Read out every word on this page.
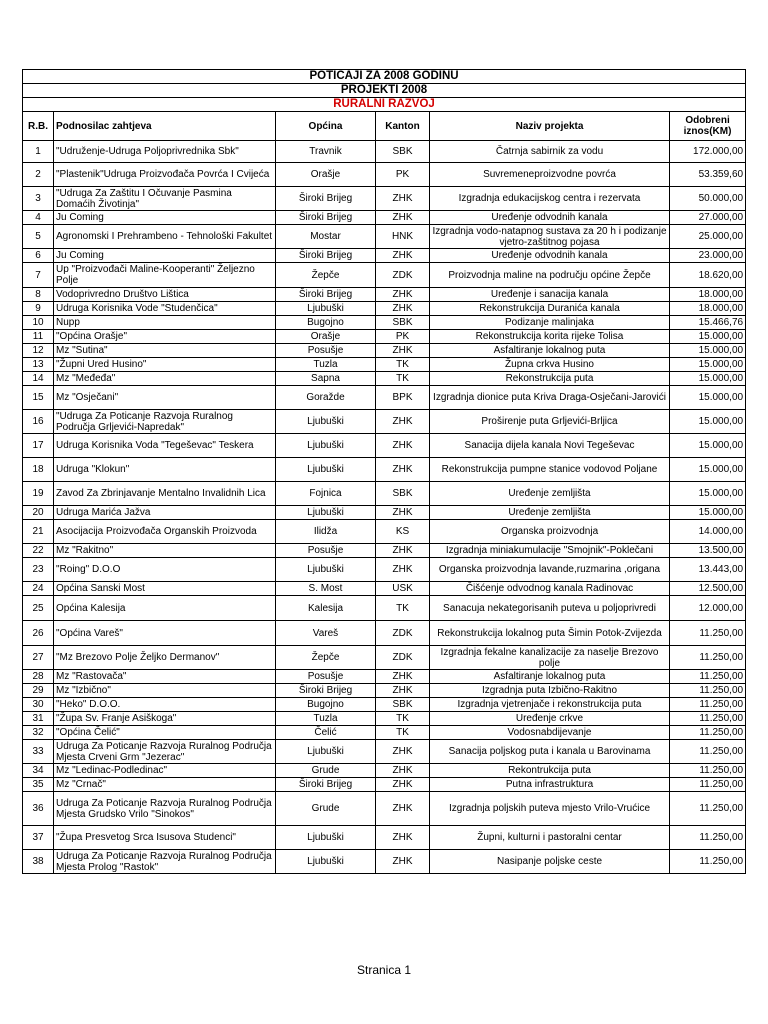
POTICAJI ZA 2008 GODINU					
PROJEKTI 2008					
RURALNI RAZVOJ					
R.B.	Podnosilac zahtjeva	Općina	Kanton	Naziv projekta	Odobreni iznos(KM)
1	"Udruženje-Udruga Poljoprivrednika Sbk"	Travnik	SBK	Čatrnja sabirnik za vodu	172.000,00
2	"Plastenik"Udruga Proizvođača Povrća I Cvijeća	Orašje	PK	Suvremeneproizvodne povrća	53.359,60
3	"Udruga Za Zaštitu I Očuvanje Pasmina Domaćih Životinja"	Široki Brijeg	ZHK	Izgradnja edukacijskog centra i rezervata	50.000,00
4	Ju Coming	Široki Brijeg	ZHK	Uređenje odvodnih kanala	27.000,00
5	Agronomski I Prehrambeno - Tehnološki Fakultet	Mostar	HNK	Izgradnja vodo-natapnog sustava za 20 h i podizanje vjetro-zaštitnog pojasa	25.000,00
6	Ju Coming	Široki Brijeg	ZHK	Uređenje odvodnih kanala	23.000,00
7	Up "Proizvođači Maline-Kooperanti" Željezno Polje	Žepče	ZDK	Proizvodnja maline na području općine Žepče	18.620,00
8	Vodoprivredno Društvo Lištica	Široki Brijeg	ZHK	Uređenje i sanacija kanala	18.000,00
9	Udruga Korisnika Vode "Studenčica"	Ljubuški	ZHK	Rekonstrukcija Duranića kanala	18.000,00
10	Nupp	Bugojno	SBK	Podizanje malinjaka	15.466,76
11	"Općina Orašje"	Orašje	PK	Rekonstrukcija korita rijeke Tolisa	15.000,00
12	Mz "Sutina"	Posušje	ZHK	Asfaltiranje lokalnog puta	15.000,00
13	"Župni Ured Husino"	Tuzla	TK	Župna crkva Husino	15.000,00
14	Mz "Međeđa"	Sapna	TK	Rekonstrukcija puta	15.000,00
15	Mz "Osječani"	Goražde	BPK	Izgradnja dionice puta Kriva Draga-Osječani-Jarovići	15.000,00
16	"Udruga Za Poticanje Razvoja Ruralnog Područja Grljevići-Napredak"	Ljubuški	ZHK	Proširenje puta Grljevići-Brljica	15.000,00
17	Udruga Korisnika Voda "Tegeševac" Teskera	Ljubuški	ZHK	Sanacija dijela kanala Novi Tegeševac	15.000,00
18	Udruga "Klokun"	Ljubuški	ZHK	Rekonstrukcija pumpne stanice vodovod Poljane	15.000,00
19	Zavod Za Zbrinjavanje Mentalno Invalidnih Lica	Fojnica	SBK	Uređenje zemljišta	15.000,00
20	Udruga Marića Jažva	Ljubuški	ZHK	Uređenje zemljišta	15.000,00
21	Asocijacija Proizvođača Organskih Proizvoda	Ilidža	KS	Organska proizvodnja	14.000,00
22	Mz "Rakitno"	Posušje	ZHK	Izgradnja miniakumulacije "Smojnik"-Poklečani	13.500,00
23	"Roing" D.O.O	Ljubuški	ZHK	Organska proizvodnja lavande,ruzmarina ,origana	13.443,00
24	Općina Sanski Most	S. Most	USK	Čišćenje odvodnog kanala Radinovac	12.500,00
25	Općina Kalesija	Kalesija	TK	Sanacuja nekategorisanih puteva u poljoprivredi	12.000,00
26	"Općina Vareš"	Vareš	ZDK	Rekonstrukcija lokalnog puta Šimin Potok-Zvijezda	11.250,00
27	"Mz Brezovo Polje Željko Dermanov"	Žepče	ZDK	Izgradnja fekalne kanalizacije za naselje Brezovo polje	11.250,00
28	Mz "Rastovača"	Posušje	ZHK	Asfaltiranje lokalnog puta	11.250,00
29	Mz "Izbično"	Široki Brijeg	ZHK	Izgradnja puta Izbično-Rakitno	11.250,00
30	"Heko" D.O.O.	Bugojno	SBK	Izgradnja vjetrenjače i rekonstrukcija puta	11.250,00
31	"Župa Sv. Franje Asiškoga"	Tuzla	TK	Uređenje crkve	11.250,00
32	"Općina Čelić"	Čelić	TK	Vodosnabdijevanje	11.250,00
33	Udruga Za Poticanje Razvoja Ruralnog Područja Mjesta Crveni Grm "Jezerac"	Ljubuški	ZHK	Sanacija poljskog puta i kanala u Barovinama	11.250,00
34	Mz "Ledinac-Podledinac"	Grude	ZHK	Rekontrukcija puta	11.250,00
35	Mz "Crnač"	Široki Brijeg	ZHK	Putna infrastruktura	11.250,00
36	Udruga Za Poticanje Razvoja Ruralnog Područja Mjesta Grudsko Vrilo "Sinokos"	Grude	ZHK	Izgradnja poljskih puteva mjesto Vrilo-Vrućice	11.250,00
37	"Župa Presvetog Srca Isusova Studenci"	Ljubuški	ZHK	Župni, kulturni i pastoralni centar	11.250,00
38	Udruga Za Poticanje Razvoja Ruralnog Područja Mjesta Prolog "Rastok"	Ljubuški	ZHK	Nasipanje poljske ceste	11.250,00
Stranica 1
